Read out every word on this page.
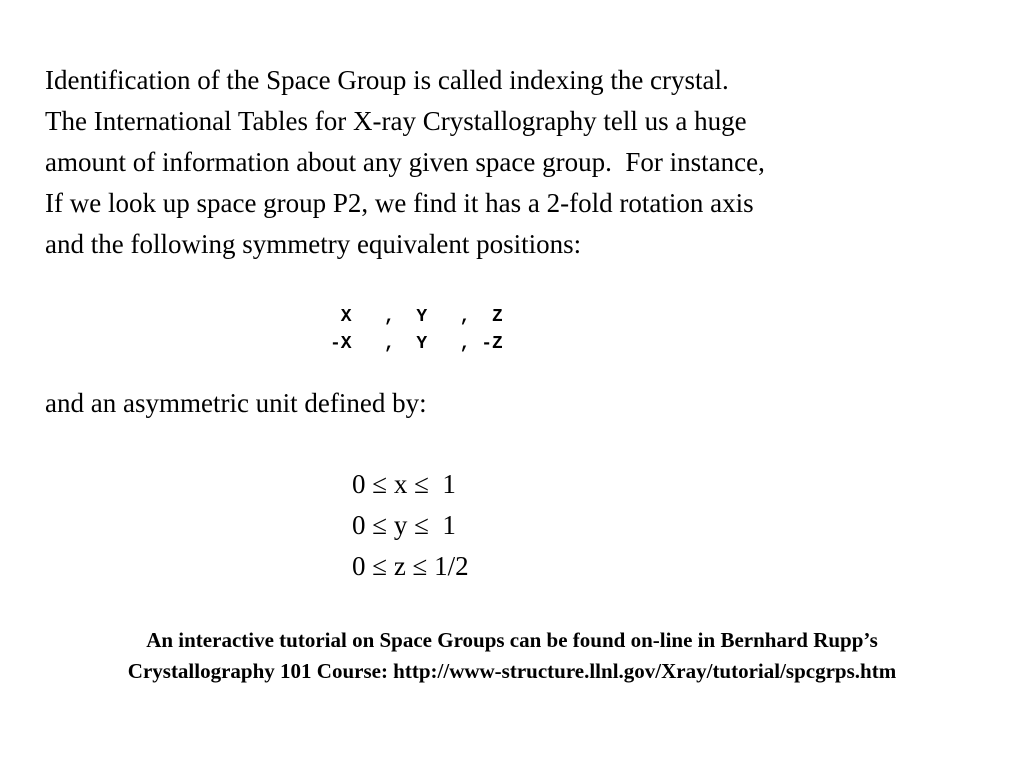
Identification of the Space Group is called indexing the crystal.
The International Tables for X-ray Crystallography tell us a huge
amount of information about any given space group.  For instance,
If we look up space group P2, we find it has a 2-fold rotation axis
and the following symmetry equivalent positions:
X   ,  Y   ,  Z
-X   ,  Y   , -Z
and an asymmetric unit defined by:
0 ≤ x ≤  1
0 ≤ y ≤  1
0 ≤ z ≤ 1/2
An interactive tutorial on Space Groups can be found on-line in Bernhard Rupp’s
Crystallography 101 Course: http://www-structure.llnl.gov/Xray/tutorial/spcgrps.htm
